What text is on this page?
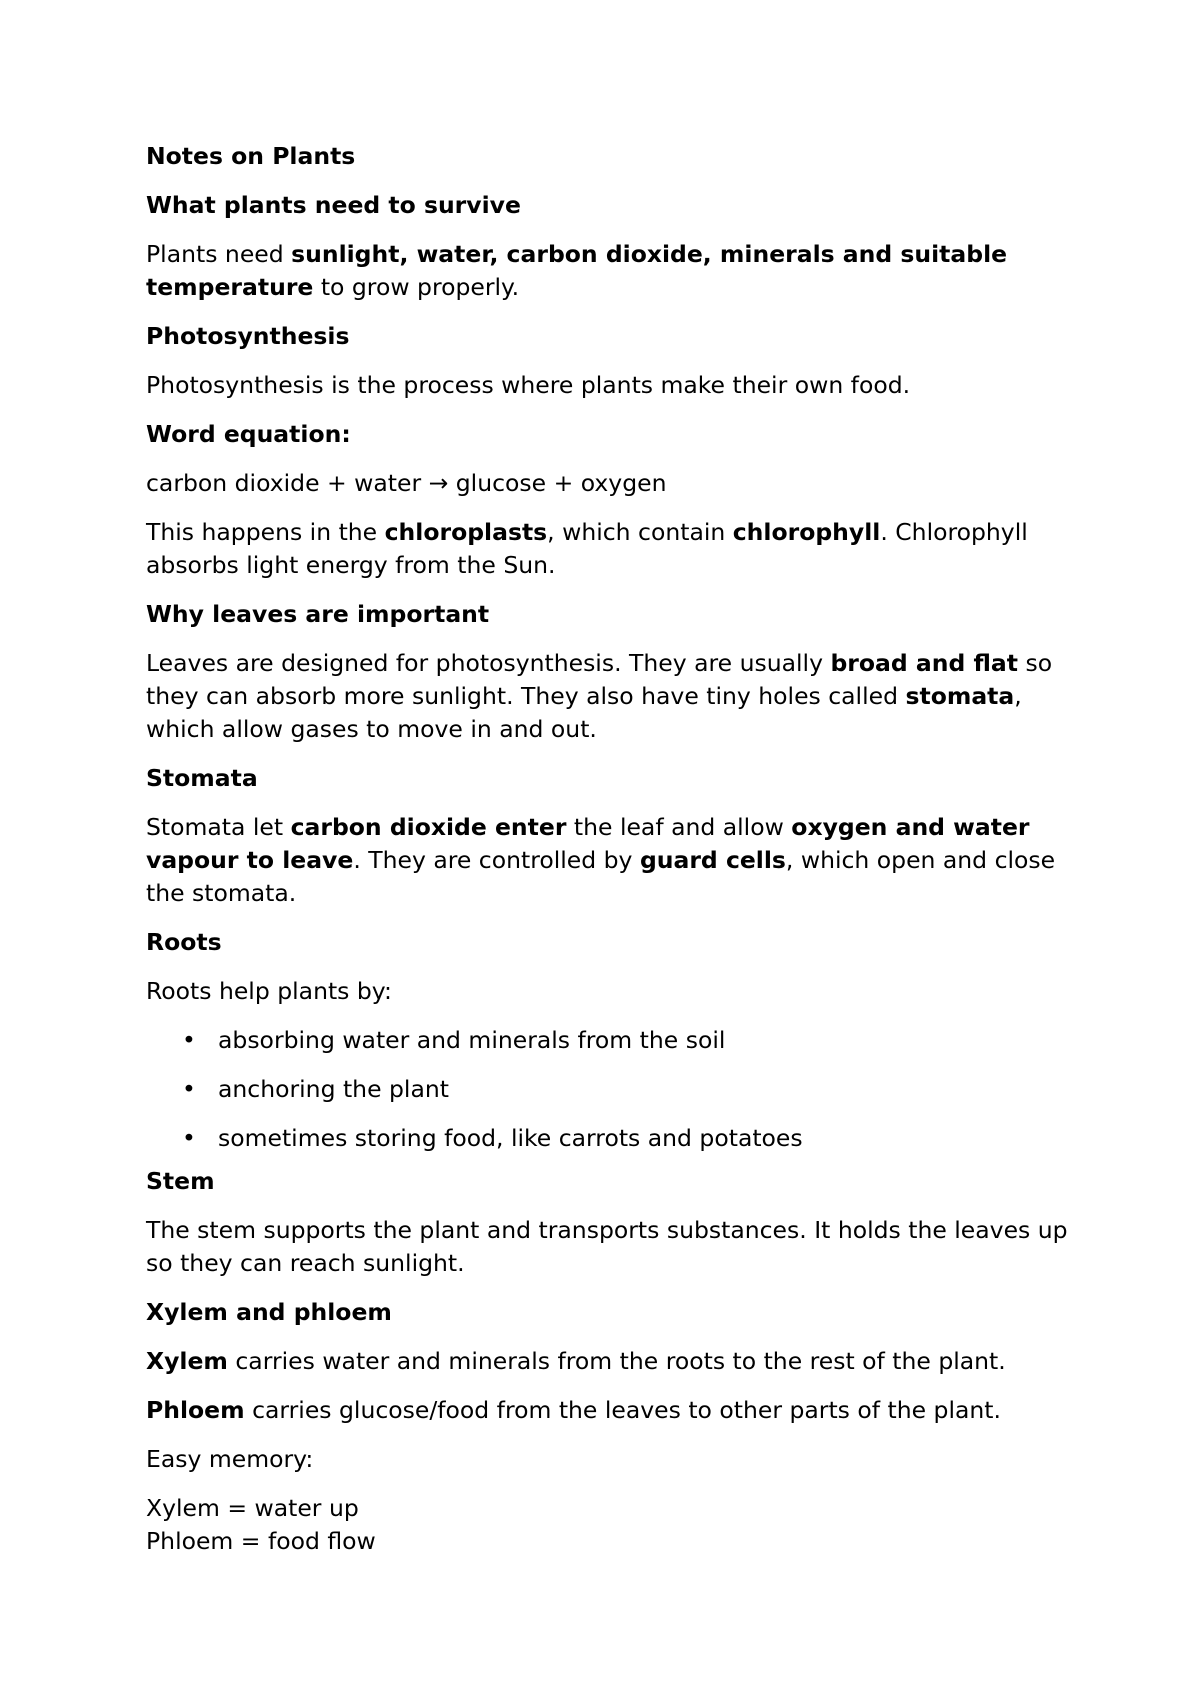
Notes on Plants
What plants need to survive
Plants need sunlight, water, carbon dioxide, minerals and suitable temperature to grow properly.
Photosynthesis
Photosynthesis is the process where plants make their own food.
Word equation:
carbon dioxide + water → glucose + oxygen
This happens in the chloroplasts, which contain chlorophyll. Chlorophyll absorbs light energy from the Sun.
Why leaves are important
Leaves are designed for photosynthesis. They are usually broad and flat so they can absorb more sunlight. They also have tiny holes called stomata, which allow gases to move in and out.
Stomata
Stomata let carbon dioxide enter the leaf and allow oxygen and water vapour to leave. They are controlled by guard cells, which open and close the stomata.
Roots
Roots help plants by:
• absorbing water and minerals from the soil
• anchoring the plant
• sometimes storing food, like carrots and potatoes
Stem
The stem supports the plant and transports substances. It holds the leaves up so they can reach sunlight.
Xylem and phloem
Xylem carries water and minerals from the roots to the rest of the plant.
Phloem carries glucose/food from the leaves to other parts of the plant.
Easy memory:
Xylem = water up
Phloem = food flow
